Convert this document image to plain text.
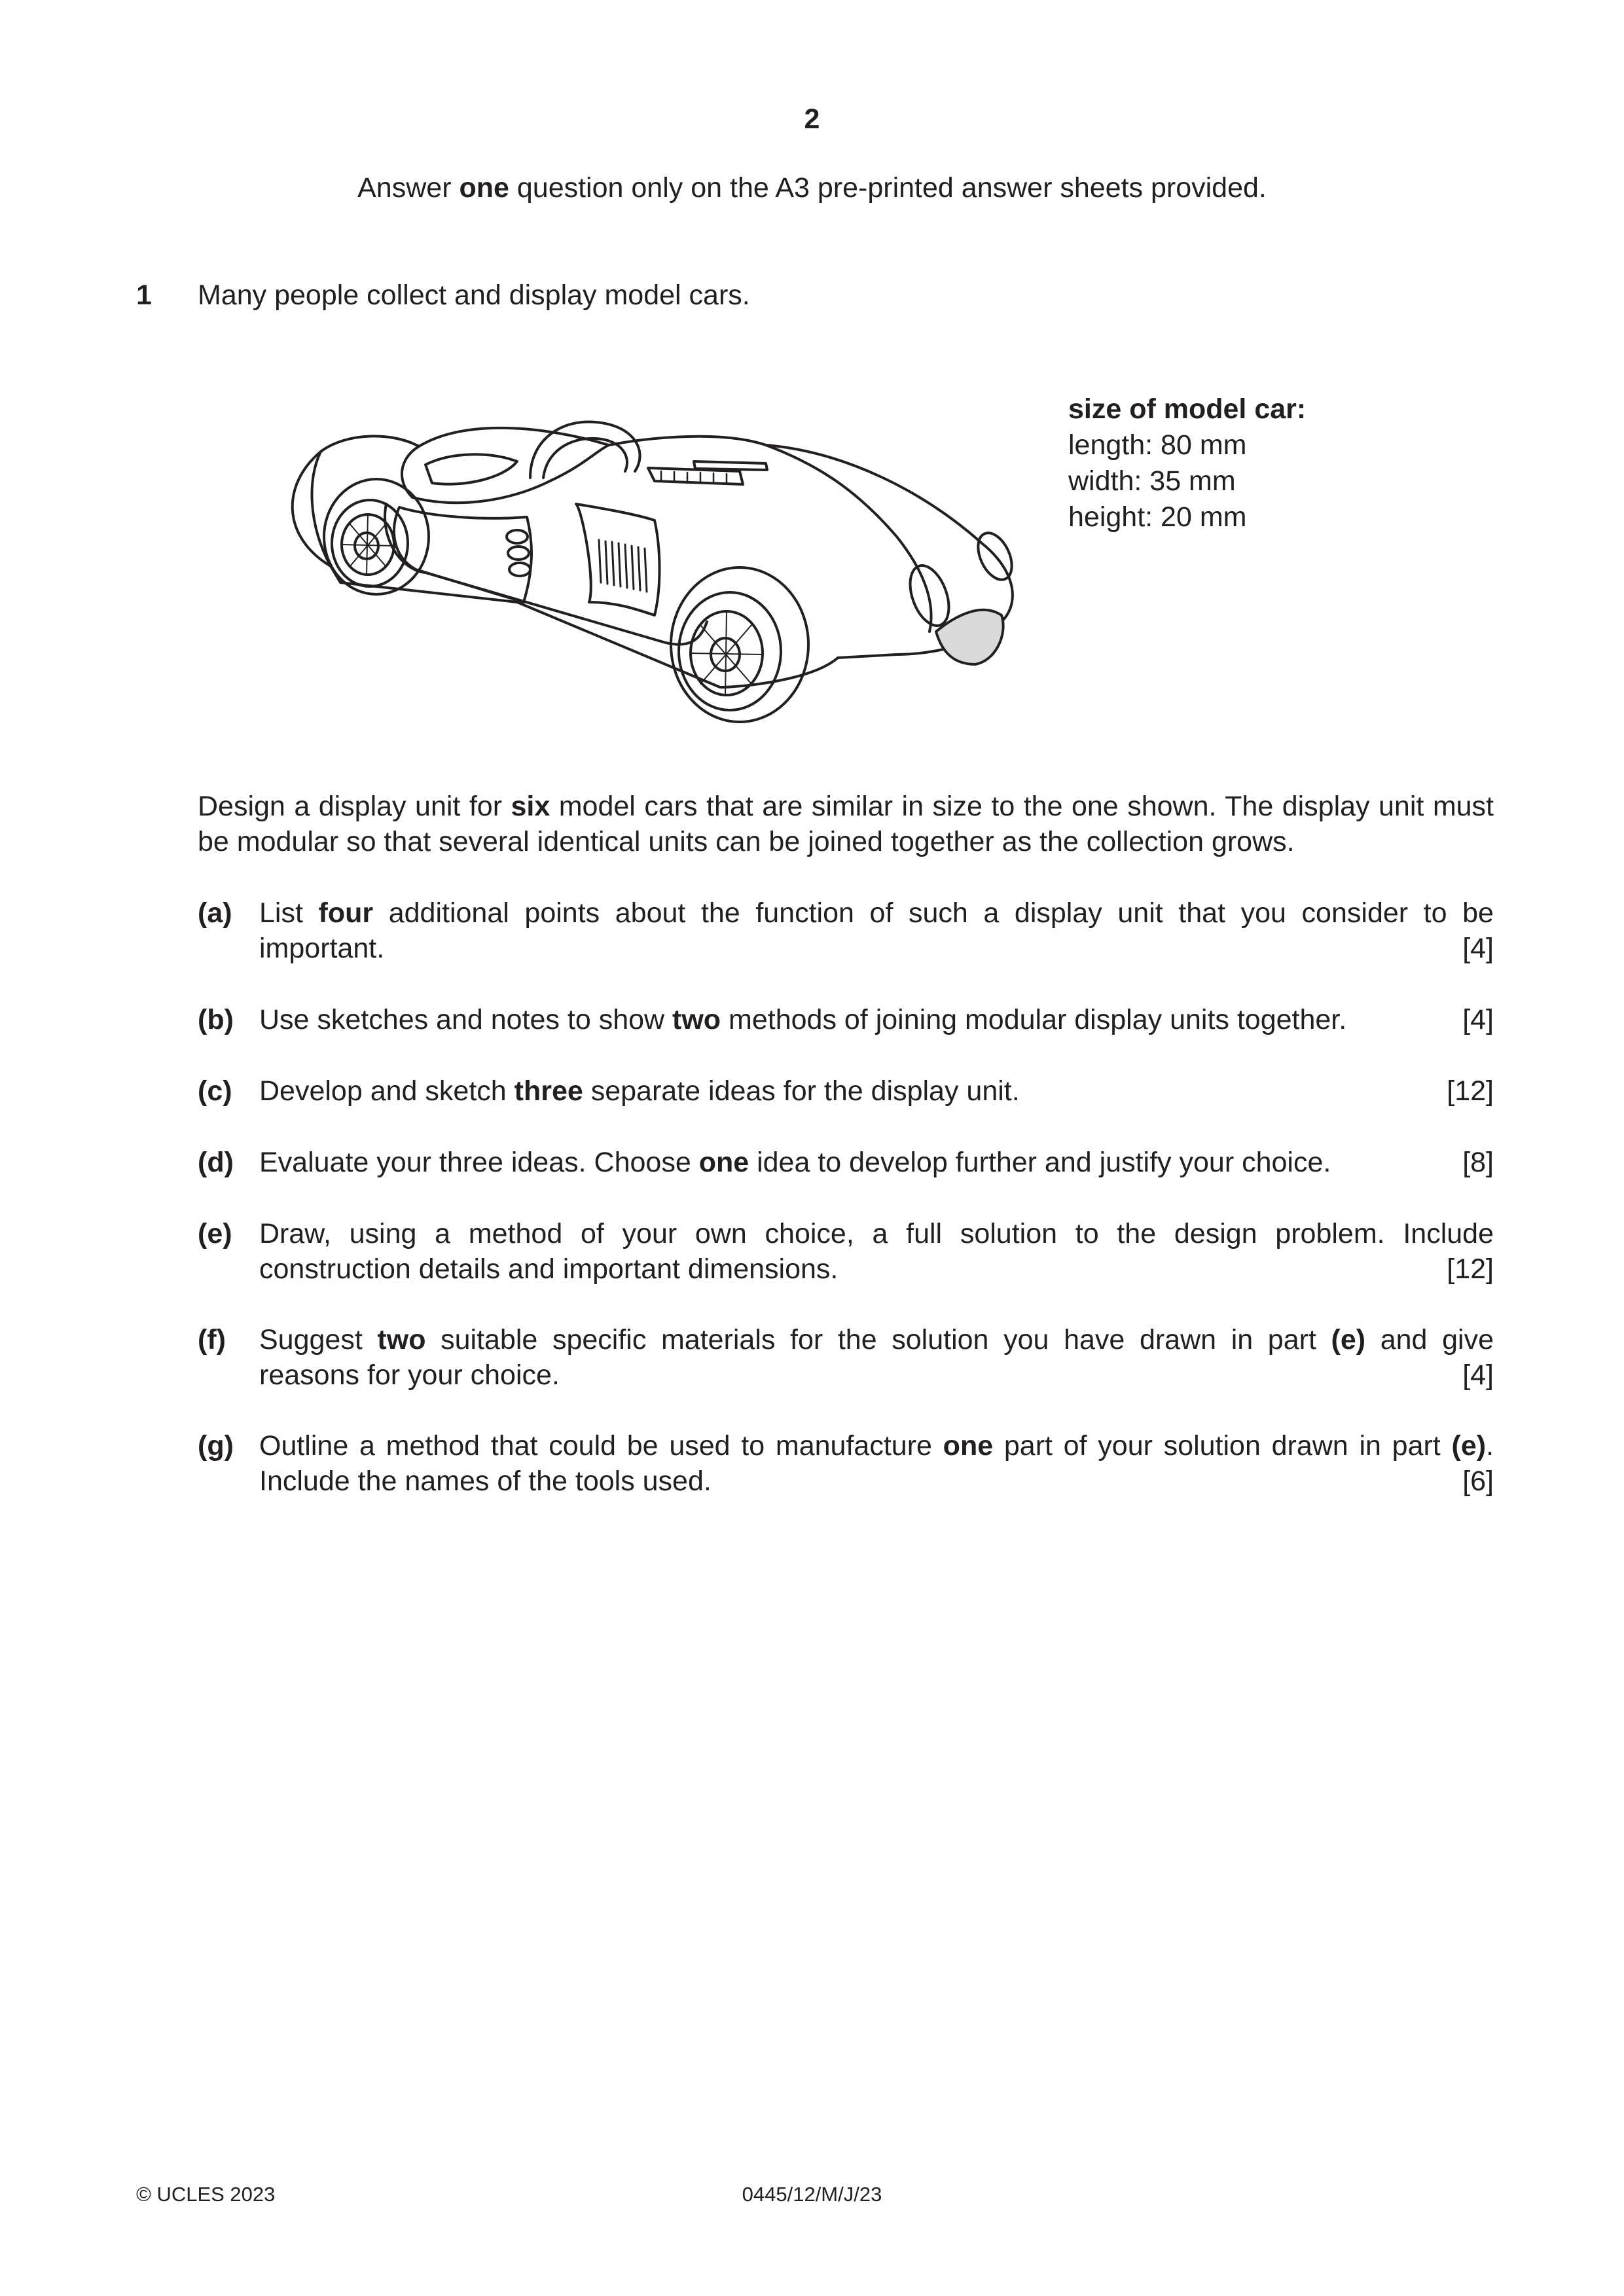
2
Answer one question only on the A3 pre-printed answer sheets provided.
1 Many people collect and display model cars.
size of model car:
length: 80 mm
width: 35 mm
height: 20 mm
Design a display unit for six model cars that are similar in size to the one shown. The display unit must be modular so that several identical units can be joined together as the collection grows.
(a) List four additional points about the function of such a display unit that you consider to be important.	[4]
(b) Use sketches and notes to show two methods of joining modular display units together.	[4]
(c) Develop and sketch three separate ideas for the display unit.	[12]
(d) Evaluate your three ideas. Choose one idea to develop further and justify your choice.	[8]
(e) Draw, using a method of your own choice, a full solution to the design problem. Include construction details and important dimensions.	[12]
(f) Suggest two suitable specific materials for the solution you have drawn in part (e) and give reasons for your choice.	[4]
(g) Outline a method that could be used to manufacture one part of your solution drawn in part (e). Include the names of the tools used.	[6]
© UCLES 2023	0445/12/M/J/23
